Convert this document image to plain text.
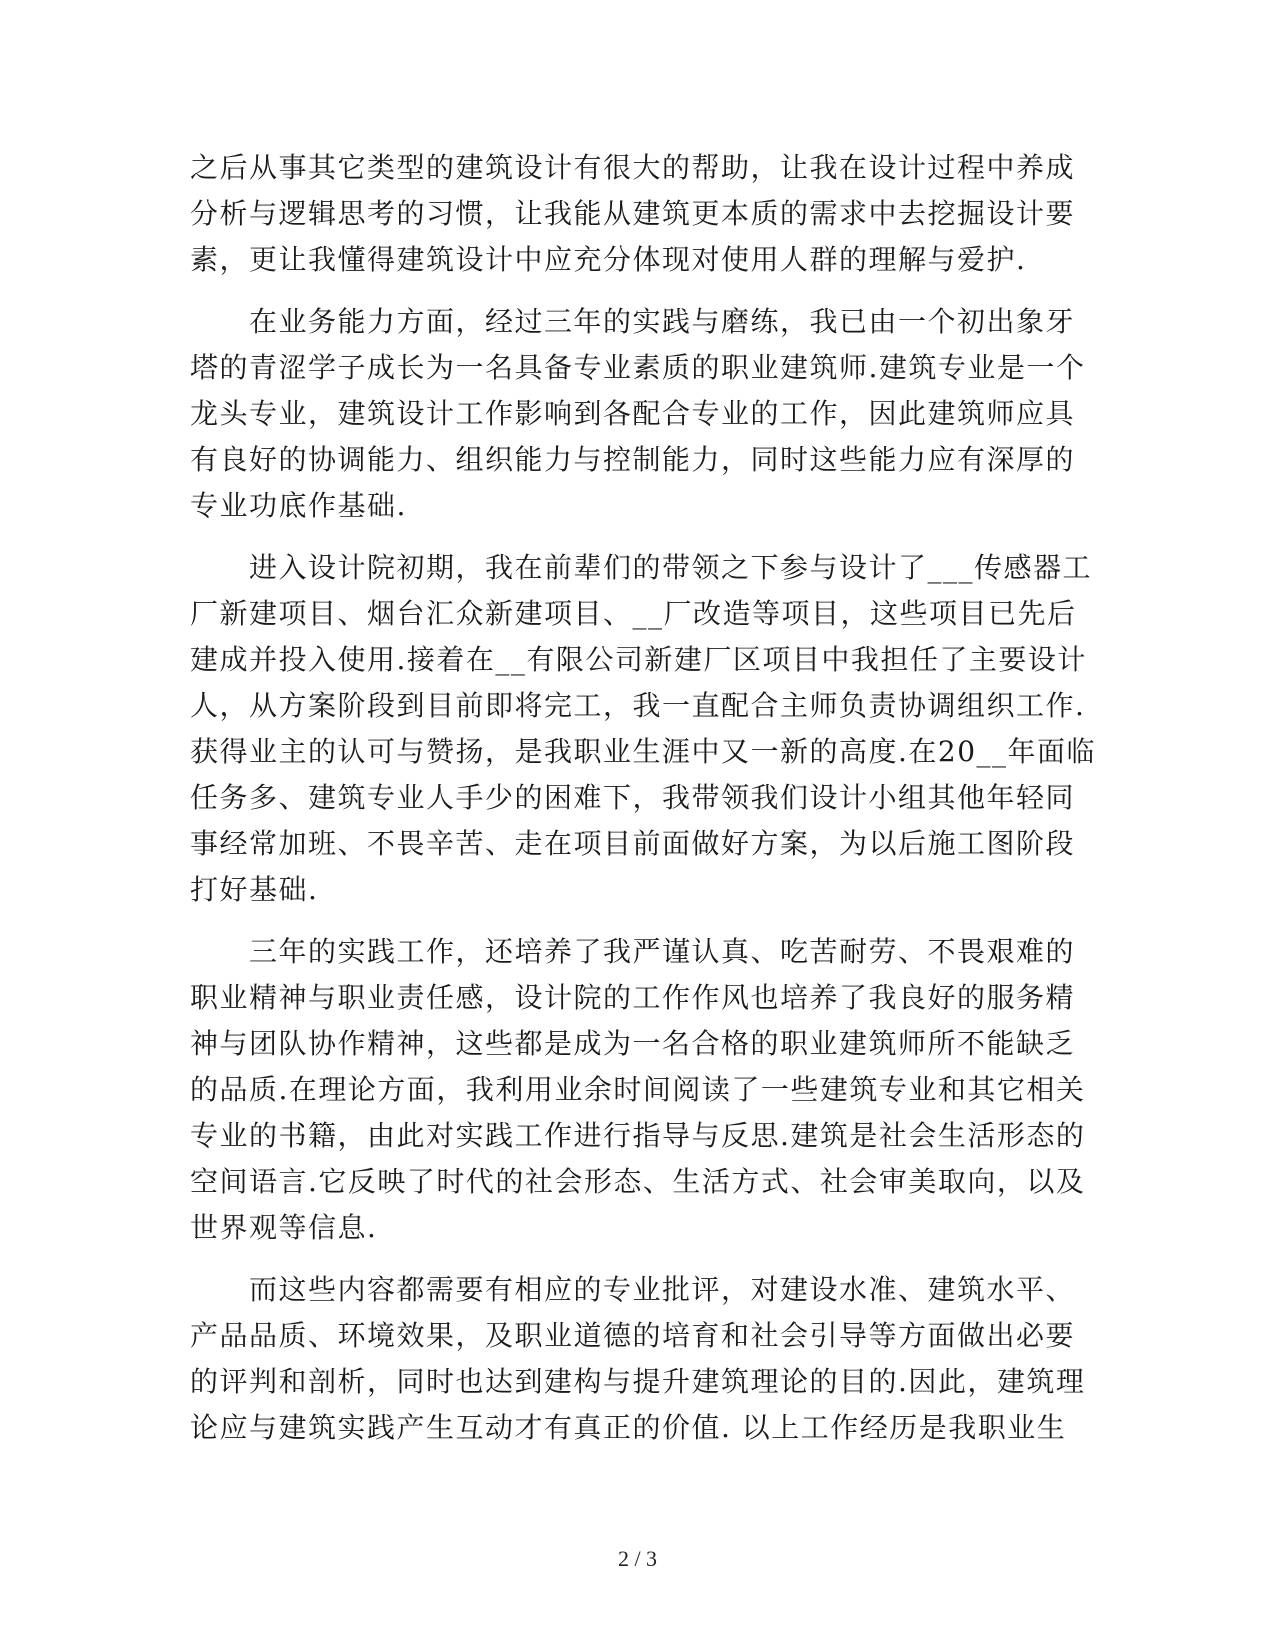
之后从事其它类型的建筑设计有很大的帮助，让我在设计过程中养成
分析与逻辑思考的习惯，让我能从建筑更本质的需求中去挖掘设计要
素，更让我懂得建筑设计中应充分体现对使用人群的理解与爱护.

　　在业务能力方面，经过三年的实践与磨练，我已由一个初出象牙
塔的青涩学子成长为一名具备专业素质的职业建筑师.建筑专业是一个
龙头专业，建筑设计工作影响到各配合专业的工作，因此建筑师应具
有良好的协调能力、组织能力与控制能力，同时这些能力应有深厚的
专业功底作基础.

　　进入设计院初期，我在前辈们的带领之下参与设计了___传感器工
厂新建项目、烟台汇众新建项目、__厂改造等项目，这些项目已先后
建成并投入使用.接着在__有限公司新建厂区项目中我担任了主要设计
人，从方案阶段到目前即将完工，我一直配合主师负责协调组织工作.
获得业主的认可与赞扬，是我职业生涯中又一新的高度.在20__年面临
任务多、建筑专业人手少的困难下，我带领我们设计小组其他年轻同
事经常加班、不畏辛苦、走在项目前面做好方案，为以后施工图阶段
打好基础.

　　三年的实践工作，还培养了我严谨认真、吃苦耐劳、不畏艰难的
职业精神与职业责任感，设计院的工作作风也培养了我良好的服务精
神与团队协作精神，这些都是成为一名合格的职业建筑师所不能缺乏
的品质.在理论方面，我利用业余时间阅读了一些建筑专业和其它相关
专业的书籍，由此对实践工作进行指导与反思.建筑是社会生活形态的
空间语言.它反映了时代的社会形态、生活方式、社会审美取向，以及
世界观等信息.

　　而这些内容都需要有相应的专业批评，对建设水准、建筑水平、
产品品质、环境效果，及职业道德的培育和社会引导等方面做出必要
的评判和剖析，同时也达到建构与提升建筑理论的目的.因此，建筑理
论应与建筑实践产生互动才有真正的价值. 以上工作经历是我职业生

2 / 3
